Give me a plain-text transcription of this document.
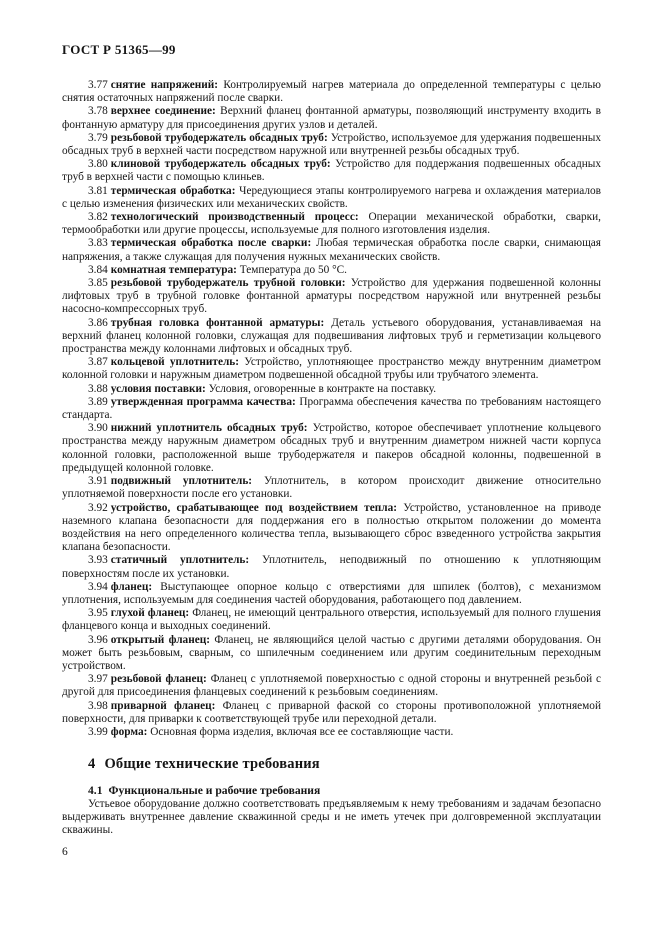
ГОСТ Р 51365—99

3.77 снятие напряжений: Контролируемый нагрев материала до определенной температуры с целью снятия остаточных напряжений после сварки.

3.78 верхнее соединение: Верхний фланец фонтанной арматуры, позволяющий инструменту входить в фонтанную арматуру для присоединения других узлов и деталей.

3.79 резьбовой трубодержатель обсадных труб: Устройство, используемое для удержания подвешенных обсадных труб в верхней части посредством наружной или внутренней резьбы обсадных труб.

3.80 клиновой трубодержатель обсадных труб: Устройство для поддержания подвешенных обсадных труб в верхней части с помощью клиньев.

3.81 термическая обработка: Чередующиеся этапы контролируемого нагрева и охлаждения материалов с целью изменения физических или механических свойств.

3.82 технологический производственный процесс: Операции механической обработки, сварки, термообработки или другие процессы, используемые для полного изготовления изделия.

3.83 термическая обработка после сварки: Любая термическая обработка после сварки, снимающая напряжения, а также служащая для получения нужных механических свойств.

3.84 комнатная температура: Температура до 50 °С.

3.85 резьбовой трубодержатель трубной головки: Устройство для удержания подвешенной колонны лифтовых труб в трубной головке фонтанной арматуры посредством наружной или внутренней резьбы насосно-компрессорных труб.

3.86 трубная головка фонтанной арматуры: Деталь устьевого оборудования, устанавливаемая на верхний фланец колонной головки, служащая для подвешивания лифтовых труб и герметизации кольцевого пространства между колоннами лифтовых и обсадных труб.

3.87 кольцевой уплотнитель: Устройство, уплотняющее пространство между внутренним диаметром колонной головки и наружным диаметром подвешенной обсадной трубы или трубчатого элемента.

3.88 условия поставки: Условия, оговоренные в контракте на поставку.

3.89 утвержденная программа качества: Программа обеспечения качества по требованиям настоящего стандарта.

3.90 нижний уплотнитель обсадных труб: Устройство, которое обеспечивает уплотнение кольцевого пространства между наружным диаметром обсадных труб и внутренним диаметром нижней части корпуса колонной головки, расположенной выше трубодержателя и пакеров обсадной колонны, подвешенной в предыдущей колонной головке.

3.91 подвижный уплотнитель: Уплотнитель, в котором происходит движение относительно уплотняемой поверхности после его установки.

3.92 устройство, срабатывающее под воздействием тепла: Устройство, установленное на приводе наземного клапана безопасности для поддержания его в полностью открытом положении до момента воздействия на него определенного количества тепла, вызывающего сброс взведенного устройства закрытия клапана безопасности.

3.93 статичный уплотнитель: Уплотнитель, неподвижный по отношению к уплотняющим поверхностям после их установки.

3.94 фланец: Выступающее опорное кольцо с отверстиями для шпилек (болтов), с механизмом уплотнения, используемым для соединения частей оборудования, работающего под давлением.

3.95 глухой фланец: Фланец, не имеющий центрального отверстия, используемый для полного глушения фланцевого конца и выходных соединений.

3.96 открытый фланец: Фланец, не являющийся целой частью с другими деталями оборудования. Он может быть резьбовым, сварным, со шпилечным соединением или другим соединительным переходным устройством.

3.97 резьбовой фланец: Фланец с уплотняемой поверхностью с одной стороны и внутренней резьбой с другой для присоединения фланцевых соединений к резьбовым соединениям.

3.98 приварной фланец: Фланец с приварной фаской со стороны противоположной уплотняемой поверхности, для приварки к соответствующей трубе или переходной детали.

3.99 форма: Основная форма изделия, включая все ее составляющие части.

4 Общие технические требования
4.1 Функциональные и рабочие требования

Устьевое оборудование должно соответствовать предъявляемым к нему требованиям и задачам безопасно выдерживать внутреннее давление скважинной среды и не иметь утечек при долговременной эксплуатации скважины.

6
